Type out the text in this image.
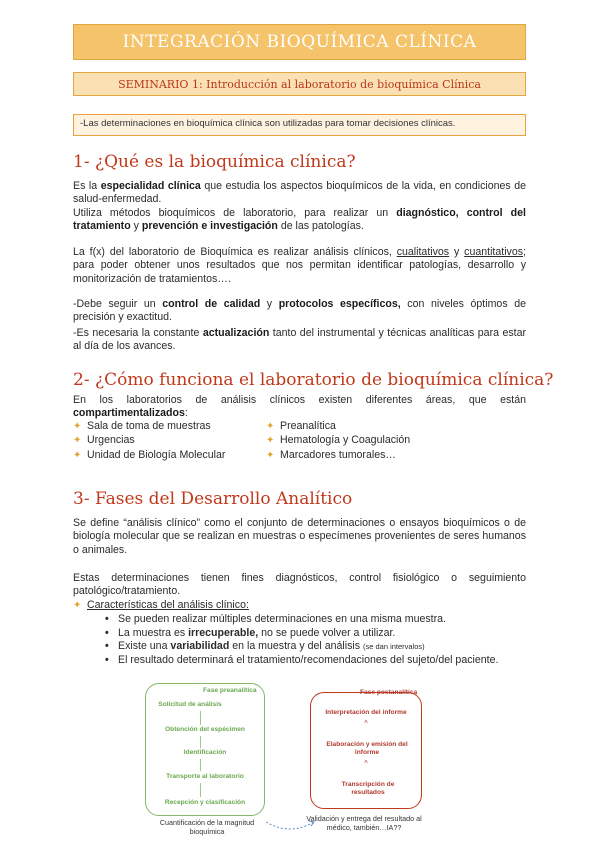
INTEGRACIÓN BIOQUÍMICA CLÍNICA
SEMINARIO 1: Introducción al laboratorio de bioquímica Clínica
-Las determinaciones en bioquímica clínica son utilizadas para tomar decisiones clínicas.
1- ¿Qué es la bioquímica clínica?
Es la especialidad clínica que estudia los aspectos bioquímicos de la vida, en condiciones de salud-enfermedad.
Utiliza métodos bioquímicos de laboratorio, para realizar un diagnóstico, control del tratamiento y prevención e investigación de las patologías.
La f(x) del laboratorio de Bioquímica es realizar análisis clínicos, cualitativos y cuantitativos; para poder obtener unos resultados que nos permitan identificar patologías, desarrollo y monitorización de tratamientos….
-Debe seguir un control de calidad y protocolos específicos, con niveles óptimos de precisión y exactitud.
-Es necesaria la constante actualización tanto del instrumental y técnicas analíticas para estar al día de los avances.
2- ¿Cómo funciona el laboratorio de bioquímica clínica?
En los laboratorios de análisis clínicos existen diferentes áreas, que están compartimentalizados:
✦ Sala de toma de muestras	✦ Preanalítica
✦ Urgencias	✦ Hematología y Coagulación
✦ Unidad de Biología Molecular	✦ Marcadores tumorales…
3- Fases del Desarrollo Analítico
Se define “análisis clínico” como el conjunto de determinaciones o ensayos bioquímicos o de biología molecular que se realizan en muestras o especímenes provenientes de seres humanos o animales.
Estas determinaciones tienen fines diagnósticos, control fisiológico o seguimiento patológico/tratamiento.
✦ Características del análisis clínico:
• Se pueden realizar múltiples determinaciones en una misma muestra.
• La muestra es irrecuperable, no se puede volver a utilizar.
• Existe una variabilidad en la muestra y del análisis (se dan intervalos)
• El resultado determinará el tratamiento/recomendaciones del sujeto/del paciente.
Fase preanalítica
Solicitud de análisis
Obtención del espécimen
Identificación
Transporte al laboratorio
Recepción y clasificación
Fase postanalítica
Interpretación del informe
˄
Elaboración y emisión del informe
˄
Transcripción de resultados
Cuantificación de la magnitud bioquímica
Validación y entrega del resultado al médico, también…IA??
